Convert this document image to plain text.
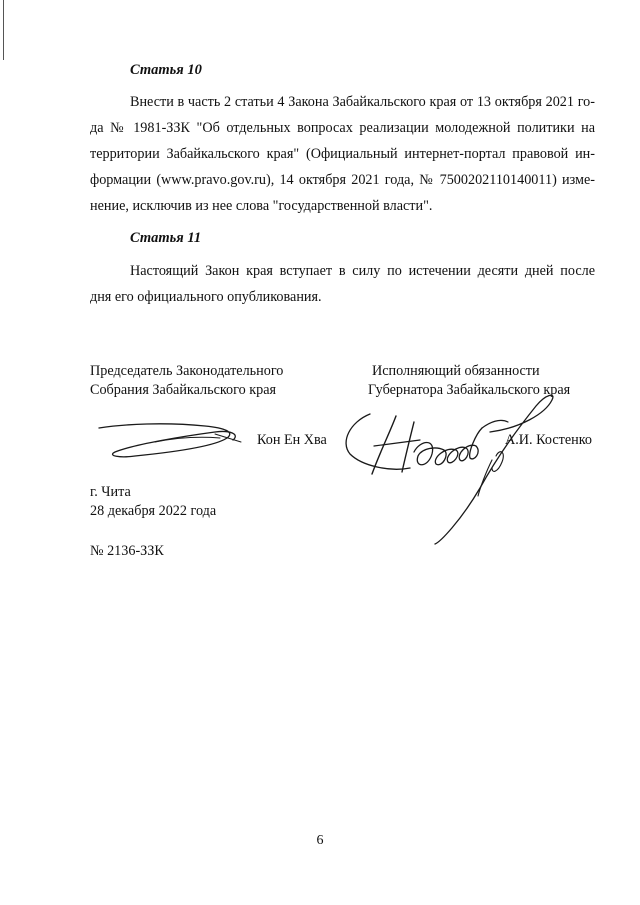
Статья 10

Внести в часть 2 статьи 4 Закона Забайкальского края от 13 октября 2021 го-
да № 1981-ЗЗК "Об отдельных вопросах реализации молодежной политики на
территории Забайкальского края" (Официальный интернет-портал правовой ин-
формации (www.pravo.gov.ru), 14 октября 2021 года, № 7500202110140011) изме-
нение, исключив из нее слова "государственной власти".

Статья 11

Настоящий Закон края вступает в силу по истечении десяти дней после
дня его официального опубликования.

Председатель Законодательного

Собрания Забайкальского края

Кон Ен Хва

Исполняющий обязанности

Губернатора Забайкальского края

А.И. Костенко

г. Чита

28 декабря 2022 года

№ 2136-ЗЗК

6
